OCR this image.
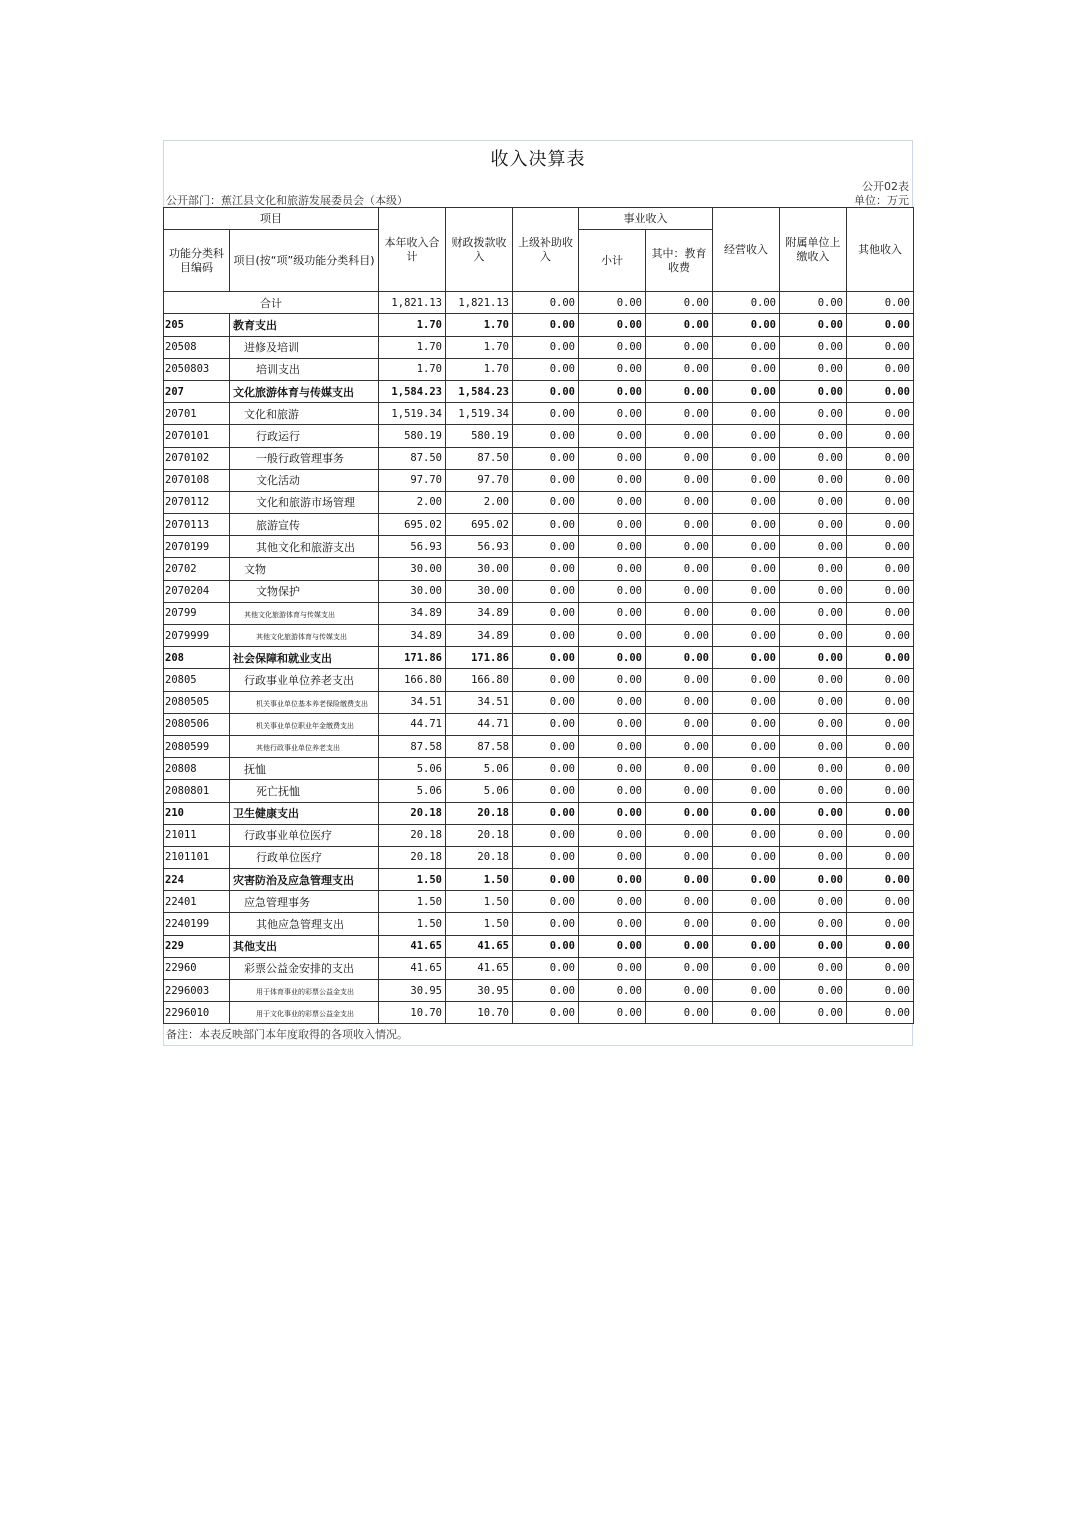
收入决算表
公开02表
公开部门：蕉江县文化和旅游发展委员会（本级）	单位：万元
项目		本年收入合计	财政拨款收入	上级补助收入	事业收入		经营收入	附属单位上缴收入	其他收入
功能分类科目编码	项目(按“项”级功能分类科目)				小计	其中：教育收费			

合计		1,821.13	1,821.13	0.00	0.00	0.00	0.00	0.00	0.00
205	教育支出	1.70	1.70	0.00	0.00	0.00	0.00	0.00	0.00
20508	进修及培训	1.70	1.70	0.00	0.00	0.00	0.00	0.00	0.00
2050803	培训支出	1.70	1.70	0.00	0.00	0.00	0.00	0.00	0.00
207	文化旅游体育与传媒支出	1,584.23	1,584.23	0.00	0.00	0.00	0.00	0.00	0.00
20701	文化和旅游	1,519.34	1,519.34	0.00	0.00	0.00	0.00	0.00	0.00
2070101	行政运行	580.19	580.19	0.00	0.00	0.00	0.00	0.00	0.00
2070102	一般行政管理事务	87.50	87.50	0.00	0.00	0.00	0.00	0.00	0.00
2070108	文化活动	97.70	97.70	0.00	0.00	0.00	0.00	0.00	0.00
2070112	文化和旅游市场管理	2.00	2.00	0.00	0.00	0.00	0.00	0.00	0.00
2070113	旅游宣传	695.02	695.02	0.00	0.00	0.00	0.00	0.00	0.00
2070199	其他文化和旅游支出	56.93	56.93	0.00	0.00	0.00	0.00	0.00	0.00
20702	文物	30.00	30.00	0.00	0.00	0.00	0.00	0.00	0.00
2070204	文物保护	30.00	30.00	0.00	0.00	0.00	0.00	0.00	0.00
20799	其他文化旅游体育与传媒支出	34.89	34.89	0.00	0.00	0.00	0.00	0.00	0.00
2079999	其他文化旅游体育与传媒支出	34.89	34.89	0.00	0.00	0.00	0.00	0.00	0.00
208	社会保障和就业支出	171.86	171.86	0.00	0.00	0.00	0.00	0.00	0.00
20805	行政事业单位养老支出	166.80	166.80	0.00	0.00	0.00	0.00	0.00	0.00
2080505	机关事业单位基本养老保险缴费支出	34.51	34.51	0.00	0.00	0.00	0.00	0.00	0.00
2080506	机关事业单位职业年金缴费支出	44.71	44.71	0.00	0.00	0.00	0.00	0.00	0.00
2080599	其他行政事业单位养老支出	87.58	87.58	0.00	0.00	0.00	0.00	0.00	0.00
20808	抚恤	5.06	5.06	0.00	0.00	0.00	0.00	0.00	0.00
2080801	死亡抚恤	5.06	5.06	0.00	0.00	0.00	0.00	0.00	0.00
210	卫生健康支出	20.18	20.18	0.00	0.00	0.00	0.00	0.00	0.00
21011	行政事业单位医疗	20.18	20.18	0.00	0.00	0.00	0.00	0.00	0.00
2101101	行政单位医疗	20.18	20.18	0.00	0.00	0.00	0.00	0.00	0.00
224	灾害防治及应急管理支出	1.50	1.50	0.00	0.00	0.00	0.00	0.00	0.00
22401	应急管理事务	1.50	1.50	0.00	0.00	0.00	0.00	0.00	0.00
2240199	其他应急管理支出	1.50	1.50	0.00	0.00	0.00	0.00	0.00	0.00
229	其他支出	41.65	41.65	0.00	0.00	0.00	0.00	0.00	0.00
22960	彩票公益金安排的支出	41.65	41.65	0.00	0.00	0.00	0.00	0.00	0.00
2296003	用于体育事业的彩票公益金支出	30.95	30.95	0.00	0.00	0.00	0.00	0.00	0.00
2296010	用于文化事业的彩票公益金支出	10.70	10.70	0.00	0.00	0.00	0.00	0.00	0.00
备注：本表反映部门本年度取得的各项收入情况。
